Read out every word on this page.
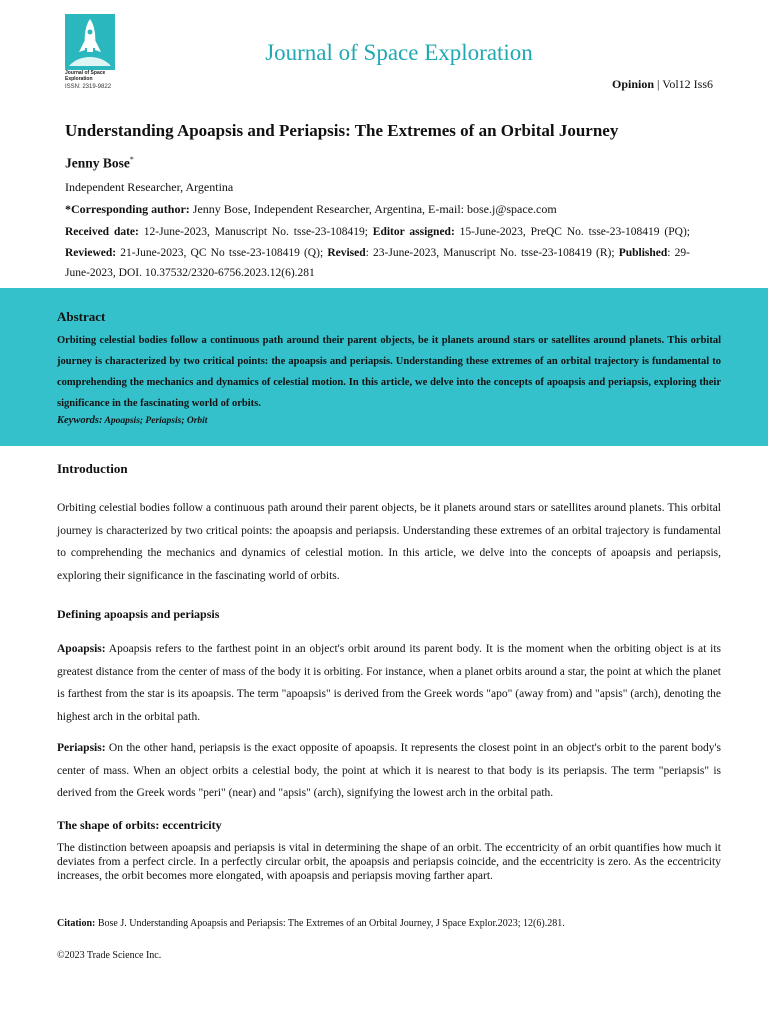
Journal of Space Exploration
ISSN: 2319-9822
Journal of Space Exploration
Opinion | Vol12 Iss6
Understanding Apoapsis and Periapsis: The Extremes of an Orbital Journey
Jenny Bose*
Independent Researcher, Argentina
*Corresponding author: Jenny Bose, Independent Researcher, Argentina, E-mail: bose.j@space.com
Received date: 12-June-2023, Manuscript No. tsse-23-108419; Editor assigned: 15-June-2023, PreQC No. tsse-23-108419 (PQ); Reviewed: 21-June-2023, QC No tsse-23-108419 (Q); Revised: 23-June-2023, Manuscript No. tsse-23-108419 (R); Published: 29-June-2023, DOI. 10.37532/2320-6756.2023.12(6).281
Abstract
Orbiting celestial bodies follow a continuous path around their parent objects, be it planets around stars or satellites around planets. This orbital journey is characterized by two critical points: the apoapsis and periapsis. Understanding these extremes of an orbital trajectory is fundamental to comprehending the mechanics and dynamics of celestial motion. In this article, we delve into the concepts of apoapsis and periapsis, exploring their significance in the fascinating world of orbits.
Keywords: Apoapsis; Periapsis; Orbit
Introduction
Orbiting celestial bodies follow a continuous path around their parent objects, be it planets around stars or satellites around planets. This orbital journey is characterized by two critical points: the apoapsis and periapsis. Understanding these extremes of an orbital trajectory is fundamental to comprehending the mechanics and dynamics of celestial motion. In this article, we delve into the concepts of apoapsis and periapsis, exploring their significance in the fascinating world of orbits.
Defining apoapsis and periapsis
Apoapsis: Apoapsis refers to the farthest point in an object's orbit around its parent body. It is the moment when the orbiting object is at its greatest distance from the center of mass of the body it is orbiting. For instance, when a planet orbits around a star, the point at which the planet is farthest from the star is its apoapsis. The term "apoapsis" is derived from the Greek words "apo" (away from) and "apsis" (arch), denoting the highest arch in the orbital path.
Periapsis: On the other hand, periapsis is the exact opposite of apoapsis. It represents the closest point in an object's orbit to the parent body's center of mass. When an object orbits a celestial body, the point at which it is nearest to that body is its periapsis. The term "periapsis" is derived from the Greek words "peri" (near) and "apsis" (arch), signifying the lowest arch in the orbital path.
The shape of orbits: eccentricity
The distinction between apoapsis and periapsis is vital in determining the shape of an orbit. The eccentricity of an orbit quantifies how much it deviates from a perfect circle. In a perfectly circular orbit, the apoapsis and periapsis coincide, and the eccentricity is zero. As the eccentricity increases, the orbit becomes more elongated, with apoapsis and periapsis moving farther apart.
Citation: Bose J. Understanding Apoapsis and Periapsis: The Extremes of an Orbital Journey, J Space Explor.2023; 12(6).281.
©2023 Trade Science Inc.
